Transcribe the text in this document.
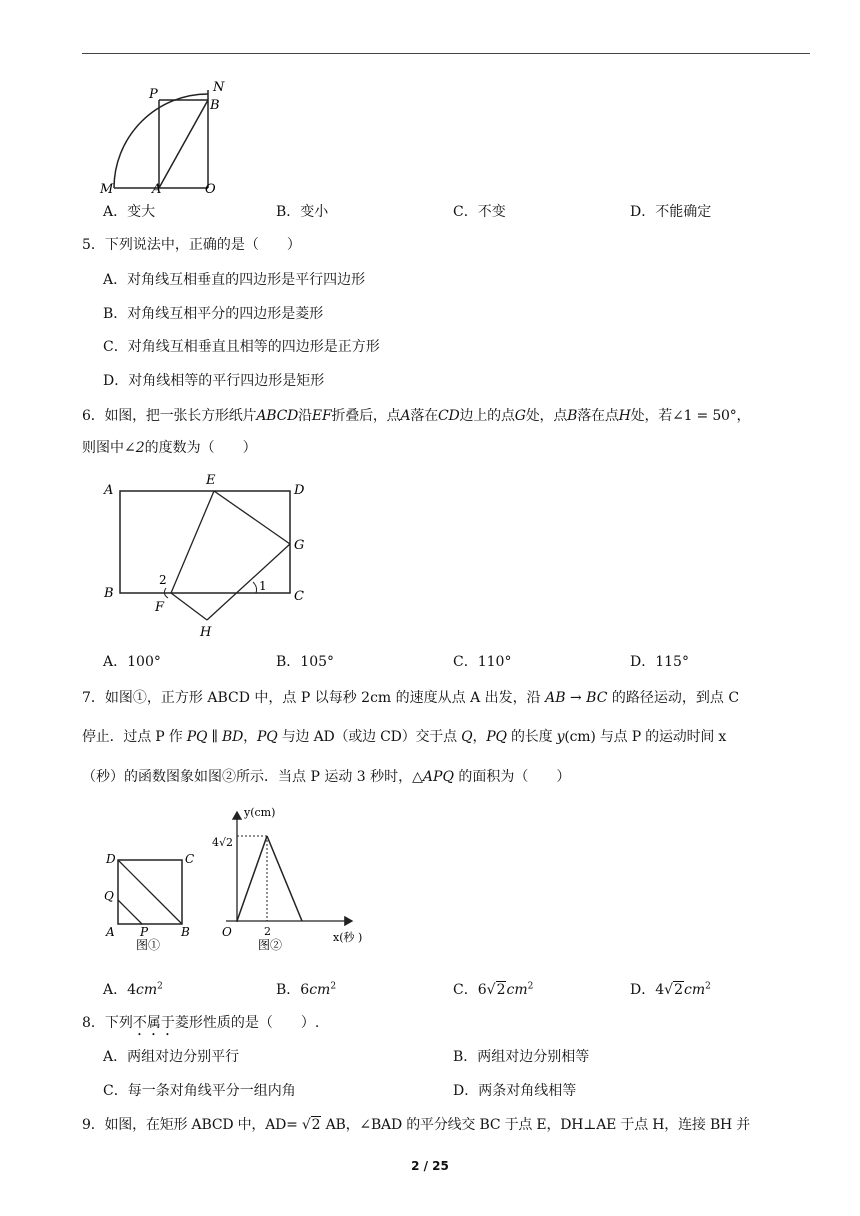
P	N
B
M	A	O
A．变大	B．变小	C．不变	D．不能确定
5．下列说法中，正确的是（　　）
A．对角线互相垂直的四边形是平行四边形
B．对角线互相平分的四边形是菱形
C．对角线互相垂直且相等的四边形是正方形
D．对角线相等的平行四边形是矩形
6．如图，把一张长方形纸片ABCD沿EF折叠后，点A落在CD边上的点G处，点B落在点H处，若∠1 = 50°，
则图中∠2的度数为（　　）
A
E
D
G
B
F
C
H
1
2
A．100°	B．105°	C．110°	D．115°
7．如图①，正方形 ABCD 中，点 P 以每秒 2cm 的速度从点 A 出发，沿 AB → BC 的路径运动，到点 C
停止．过点 P 作 PQ ∥ BD，PQ 与边 AD（或边 CD）交于点 Q，PQ 的长度 y(cm) 与点 P 的运动时间 x
（秒）的函数图象如图②所示．当点 P 运动 3 秒时，△APQ 的面积为（　　）
D	C
Q
A P	B
图①
y(cm)
4√2
O	2	x(秒 )
图②
A．$4cm^2$	B．$6cm^2$	C．$6√2cm^2$	D．$4√2cm^2$
8．下列不属于菱形性质的是（　　）.
A．两组对边分别平行	B．两组对边分别相等
C．每一条对角线平分一组内角	D．两条对角线相等
9．如图，在矩形 ABCD 中，AD= √2 AB，∠BAD 的平分线交 BC 于点 E，DH⊥AE 于点 H，连接 BH 并
2 / 25
